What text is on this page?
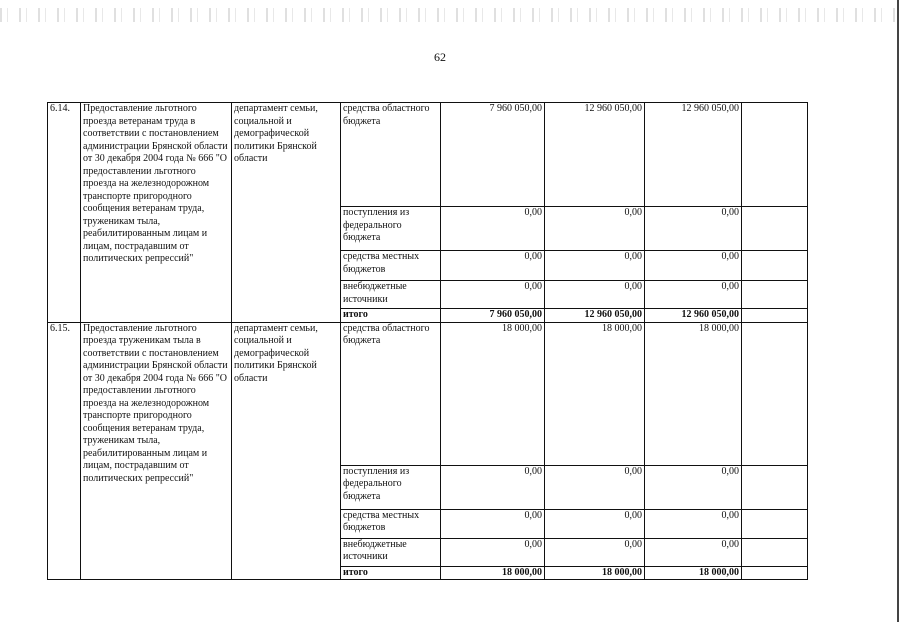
62
6.14.	Предоставление льготного проезда ветеранам труда в соответствии с постановлением администрации Брянской области от 30 декабря 2004 года № 666 "О предоставлении льготного проезда на железнодорожном транспорте пригородного сообщения ветеранам труда, труженикам тыла, реабилитированным лицам и лицам, пострадавшим от политических репрессий"	департамент семьи, социальной и демографической политики Брянской области	средства областного бюджета	7 960 050,00	12 960 050,00	12 960 050,00	
			поступления из федерального бюджета	0,00	0,00	0,00	
			средства местных бюджетов	0,00	0,00	0,00	
			внебюджетные источники	0,00	0,00	0,00	
			итого	7 960 050,00	12 960 050,00	12 960 050,00	
6.15.	Предоставление льготного проезда труженикам тыла в соответствии с постановлением администрации Брянской области от 30 декабря 2004 года № 666 "О предоставлении льготного проезда на железнодорожном транспорте пригородного сообщения ветеранам труда, труженикам тыла, реабилитированным лицам и лицам, пострадавшим от политических репрессий"	департамент семьи, социальной и демографической политики Брянской области	средства областного бюджета	18 000,00	18 000,00	18 000,00	
			поступления из федерального бюджета	0,00	0,00	0,00	
			средства местных бюджетов	0,00	0,00	0,00	
			внебюджетные источники	0,00	0,00	0,00	
			итого	18 000,00	18 000,00	18 000,00	
